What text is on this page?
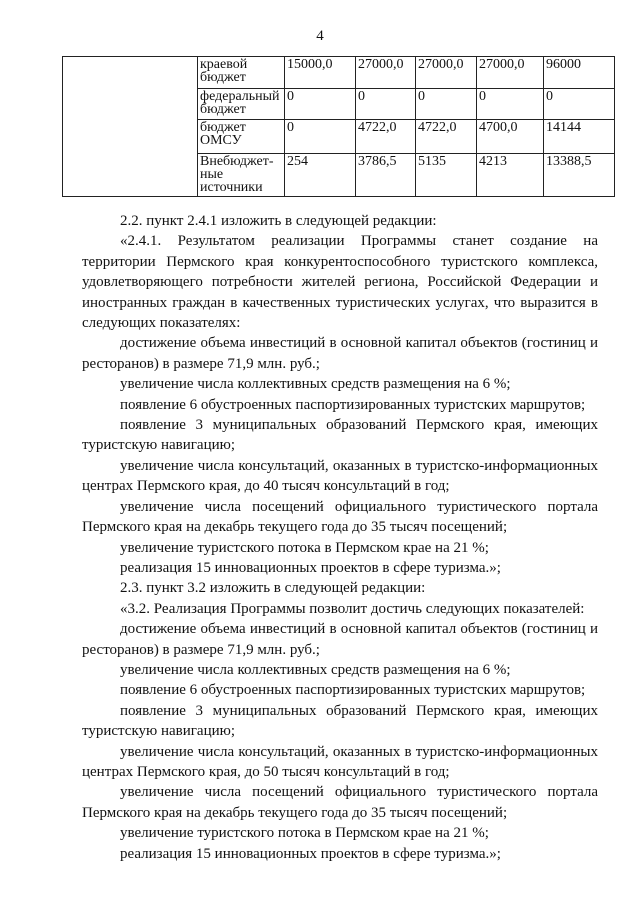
4
	краевой бюджет	15000,0	27000,0	27000,0	27000,0	96000
	федеральный бюджет	0	0	0	0	0
	бюджет ОМСУ	0	4722,0	4722,0	4700,0	14144
	Внебюджет-ные источники	254	3786,5	5135	4213	13388,5

2.2. пункт 2.4.1 изложить в следующей редакции:

«2.4.1. Результатом реализации Программы станет создание на территории Пермского края конкурентоспособного туристского комплекса, удовлетворяющего потребности жителей региона, Российской Федерации и иностранных граждан в качественных туристических услугах, что выразится в следующих показателях:

достижение объема инвестиций в основной капитал объектов (гостиниц и ресторанов) в размере 71,9 млн. руб.;

увеличение числа коллективных средств размещения на 6 %;

появление 6 обустроенных паспортизированных туристских маршрутов;

появление 3 муниципальных образований Пермского края, имеющих туристскую навигацию;

увеличение числа консультаций, оказанных в туристско-информационных центрах Пермского края, до 40 тысяч консультаций в год;

увеличение числа посещений официального туристического портала Пермского края на декабрь текущего года до 35 тысяч посещений;

увеличение туристского потока в Пермском крае на 21 %;

реализация 15 инновационных проектов в сфере туризма.»;

2.3. пункт 3.2 изложить в следующей редакции:

«3.2. Реализация Программы позволит достичь следующих показателей:

достижение объема инвестиций в основной капитал объектов (гостиниц и ресторанов) в размере 71,9 млн. руб.;

увеличение числа коллективных средств размещения на 6 %;

появление 6 обустроенных паспортизированных туристских маршрутов;

появление 3 муниципальных образований Пермского края, имеющих туристскую навигацию;

увеличение числа консультаций, оказанных в туристско-информационных центрах Пермского края, до 50 тысяч консультаций в год;

увеличение числа посещений официального туристического портала Пермского края на декабрь текущего года до 35 тысяч посещений;

увеличение туристского потока в Пермском крае на 21 %;

реализация 15 инновационных проектов в сфере туризма.»;
